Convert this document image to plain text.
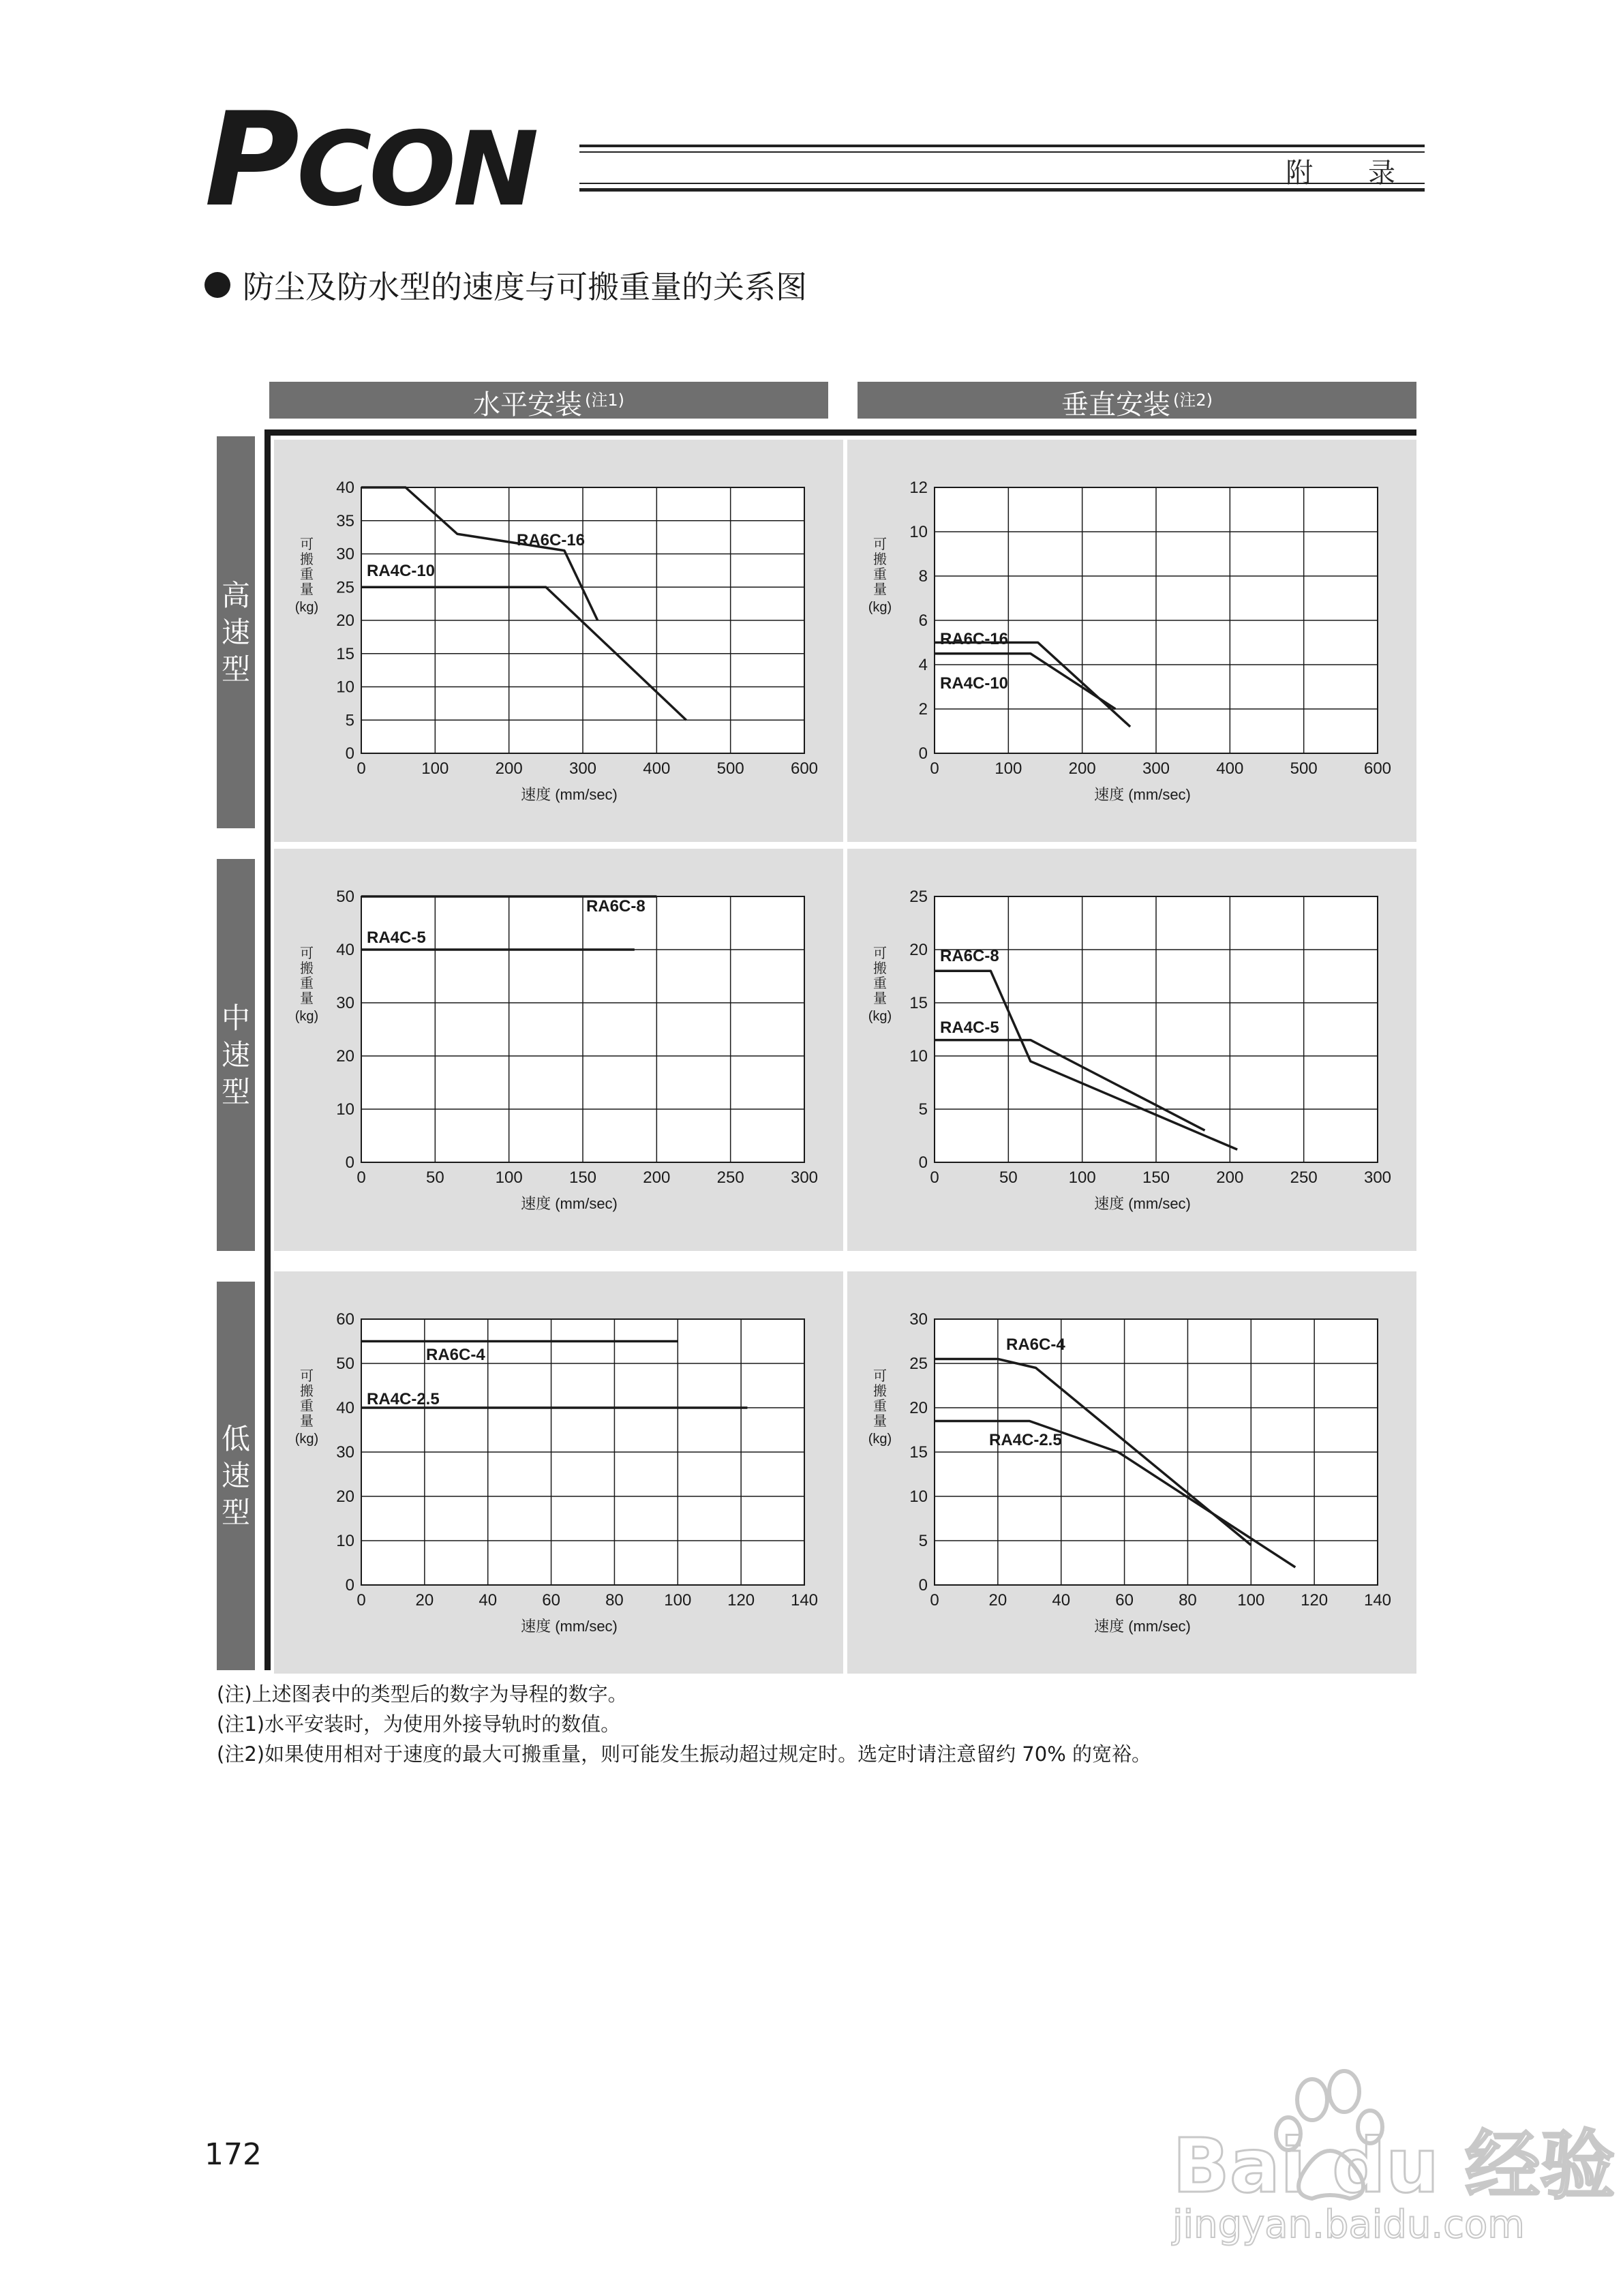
PCON	附 录
防尘及防水型的速度与可搬重量的关系图
水平安装 $^{(注1)}$	垂直安装 $^{(注2)}$
高
速
型
中
速
型
低
速
型
0	100	200	300	400	500	600
0
5
10
15
20
25
30
35
40
速度 (mm/sec)
可
搬
重
量
(kg)
RA6C-16
RA4C-10
0	100	200	300	400	500	600
0
2
4
6
8
10
12
速度 (mm/sec)
可
搬
重
量
(kg)
RA6C-16
RA4C-10
0	50	100	150	200	250	300
0
10
20
30
40
50
速度 (mm/sec)
可
搬
重
量
(kg)
RA6C-8
RA4C-5
0	50	100	150	200	250	300
0
5
10
15
20
25
速度 (mm/sec)
可
搬
重
量
(kg)
RA6C-8
RA4C-5
0	20	40	60	80 100 120 140
0
10
20
30
40
50
60
速度 (mm/sec)
可
搬
重
量
(kg)
RA6C-4
RA4C-2.5
0	20	40	60	80 100 120 140
0
5
10
15
20
25
30
速度 (mm/sec)
可
搬
重
量
(kg)
RA6C-4
RA4C-2.5
(注)上述图表中的类型后的数字为导程的数字。
(注1)水平安装时，为使用外接导轨时的数值。
(注2)如果使用相对于速度的最大可搬重量，则可能发生振动超过规定时。选定时请注意留约 70% 的宽裕。
172	Bai du 经验
jingyan.baidu.com
